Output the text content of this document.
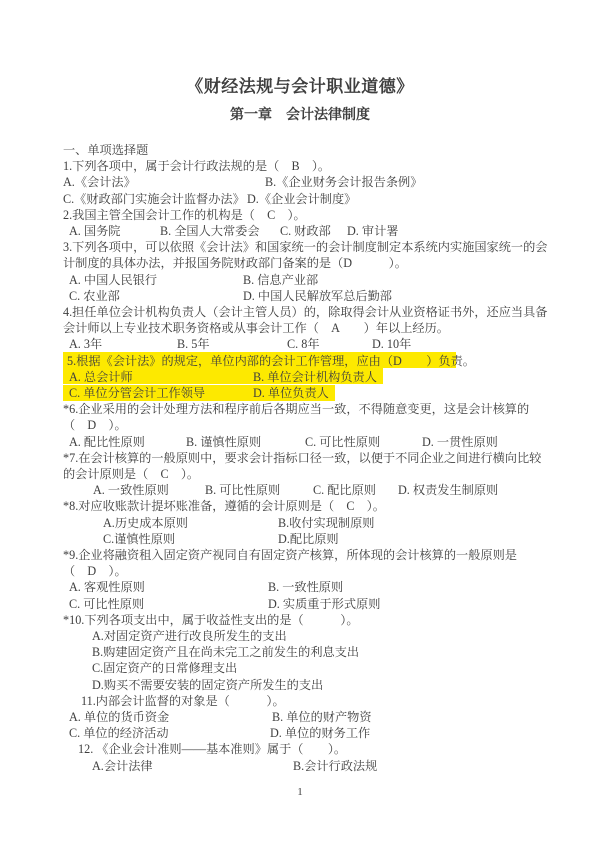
《财经法规与会计职业道德》
第一章　会计法律制度
一、单项选择题
1.下列各项中，属于会计行政法规的是（　B　）。
A.《会计法》	B.《企业财务会计报告条例》
C.《财政部门实施会计监督办法》 D.《企业会计制度》
2.我国主管全国会计工作的机构是（　C　）。
A. 国务院	B. 全国人大常委会 C. 财政部 D. 审计署
3.下列各项中，可以依照《会计法》和国家统一的会计制度制定本系统内实施国家统一的会
计制度的具体办法，并报国务院财政部门备案的是（D　　　）。
A. 中国人民银行	B. 信息产业部
C. 农业部	D. 中国人民解放军总后勤部
4.担任单位会计机构负责人（会计主管人员）的，除取得会计从业资格证书外，还应当具备
会计师以上专业技术职务资格或从事会计工作（　A　　）年以上经历。
A. 3年	B. 5年	C. 8年	D. 10年
5.根据《会计法》的规定，单位内部的会计工作管理，应由（D　　）负责。
A. 总会计师	B. 单位会计机构负责人
C. 单位分管会计工作领导	D. 单位负责人
*6.企业采用的会计处理方法和程序前后各期应当一致，不得随意变更，这是会计核算的
（　D　）。
A. 配比性原则	B. 谨慎性原则	C. 可比性原则	D. 一贯性原则
*7.在会计核算的一般原则中，要求会计指标口径一致，以便于不同企业之间进行横向比较
的会计原则是（　C　）。
A. 一致性原则	B. 可比性原则	C. 配比原则 D. 权责发生制原则
*8.对应收账款计提坏账准备，遵循的会计原则是（　C　）。
A.历史成本原则	B.收付实现制原则
C.谨慎性原则	D.配比原则
*9.企业将融资租入固定资产视同自有固定资产核算，所体现的会计核算的一般原则是
（　D　）。
A. 客观性原则	B. 一致性原则
C. 可比性原则	D. 实质重于形式原则
*10.下列各项支出中，属于收益性支出的是（　　　）。
A.对固定资产进行改良所发生的支出
B.购建固定资产且在尚未完工之前发生的利息支出
C.固定资产的日常修理支出
D.购买不需要安装的固定资产所发生的支出
11.内部会计监督的对象是（　　　）。
A. 单位的货币资金	B. 单位的财产物资
C. 单位的经济活动	D. 单位的财务工作
12. 《企业会计准则——基本准则》属于（　　）。
A.会计法律	B.会计行政法规
1
